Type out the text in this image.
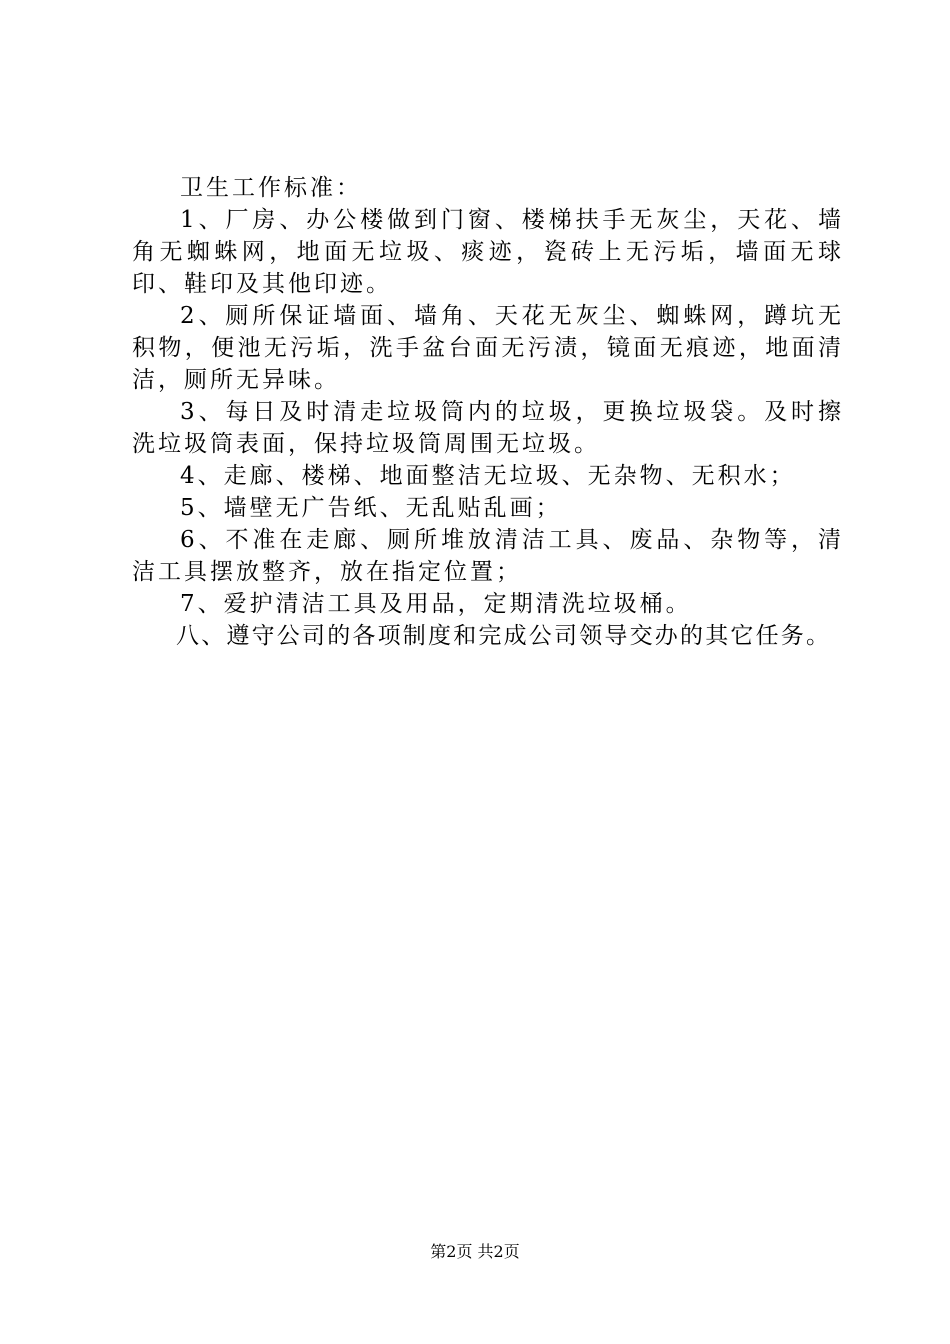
卫生工作标准：

1、厂房、办公楼做到门窗、楼梯扶手无灰尘，天花、墙角无蜘蛛网，地面无垃圾、痰迹，瓷砖上无污垢，墙面无球印、鞋印及其他印迹。

2、厕所保证墙面、墙角、天花无灰尘、蜘蛛网，蹲坑无积物，便池无污垢，洗手盆台面无污渍，镜面无痕迹，地面清洁，厕所无异味。

3、每日及时清走垃圾筒内的垃圾，更换垃圾袋。及时擦洗垃圾筒表面，保持垃圾筒周围无垃圾。

4、走廊、楼梯、地面整洁无垃圾、无杂物、无积水；

5、墙壁无广告纸、无乱贴乱画；

6、不准在走廊、厕所堆放清洁工具、废品、杂物等，清洁工具摆放整齐，放在指定位置；

7、爱护清洁工具及用品，定期清洗垃圾桶。

八、遵守公司的各项制度和完成公司领导交办的其它任务。

第2页 共2页
